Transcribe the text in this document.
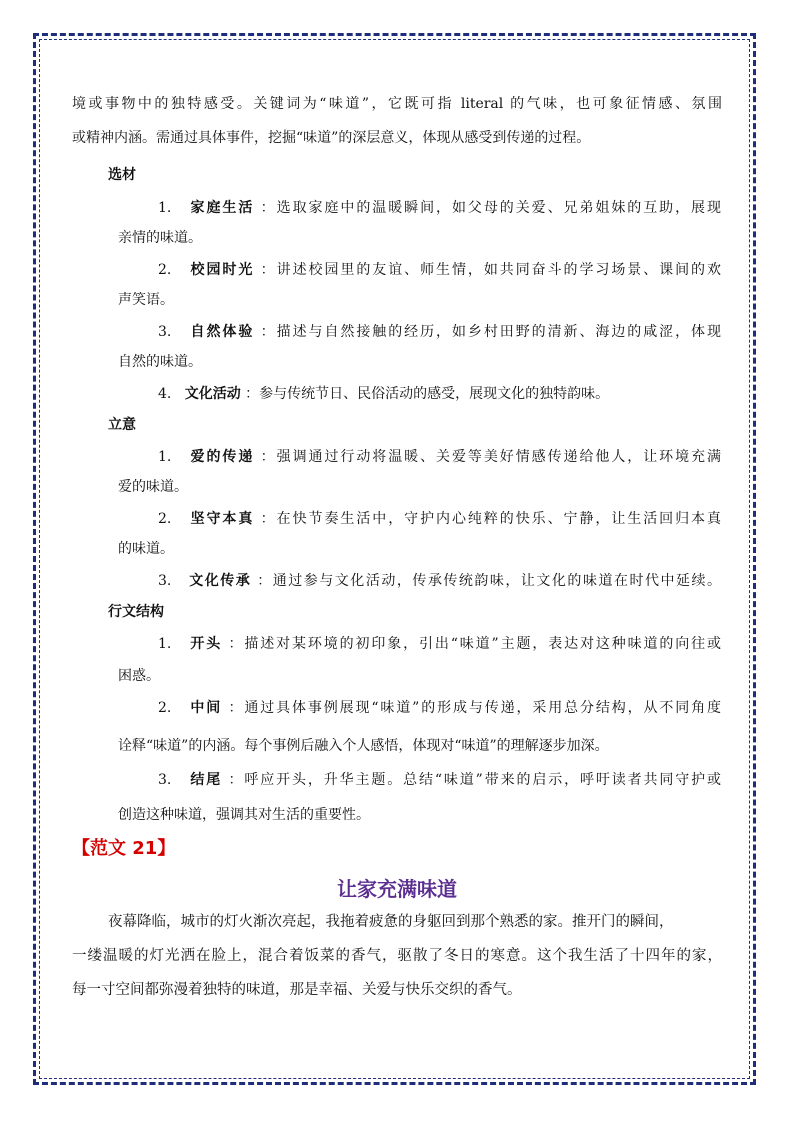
境或事物中的独特感受。关键词为“味道”，它既可指 literal 的气味，也可象征情感、氛围

或精神内涵。需通过具体事件，挖掘“味道”的深层意义，体现从感受到传递的过程。

选材

1. 家庭生活 ：选取家庭中的温暖瞬间，如父母的关爱、兄弟姐妹的互助，展现

亲情的味道。

2. 校园时光 ：讲述校园里的友谊、师生情，如共同奋斗的学习场景、课间的欢

声笑语。

3. 自然体验 ：描述与自然接触的经历，如乡村田野的清新、海边的咸涩，体现

自然的味道。

4. 文化活动 ：参与传统节日、民俗活动的感受，展现文化的独特韵味。

立意

1. 爱的传递 ：强调通过行动将温暖、关爱等美好情感传递给他人，让环境充满

爱的味道。

2. 坚守本真 ：在快节奏生活中，守护内心纯粹的快乐、宁静，让生活回归本真

的味道。

3. 文化传承 ：通过参与文化活动，传承传统韵味，让文化的味道在时代中延续。

行文结构

1. 开头 ：描述对某环境的初印象，引出“味道”主题，表达对这种味道的向往或

困惑。

2. 中间 ：通过具体事例展现“味道”的形成与传递，采用总分结构，从不同角度

诠释“味道”的内涵。每个事例后融入个人感悟，体现对“味道”的理解逐步加深。

3. 结尾 ：呼应开头，升华主题。总结“味道”带来的启示，呼吁读者共同守护或

创造这种味道，强调其对生活的重要性。

【范文 21】

让家充满味道

夜幕降临，城市的灯火渐次亮起，我拖着疲惫的身躯回到那个熟悉的家。推开门的瞬间，

一缕温暖的灯光洒在脸上，混合着饭菜的香气，驱散了冬日的寒意。这个我生活了十四年的家，

每一寸空间都弥漫着独特的味道，那是幸福、关爱与快乐交织的香气。
